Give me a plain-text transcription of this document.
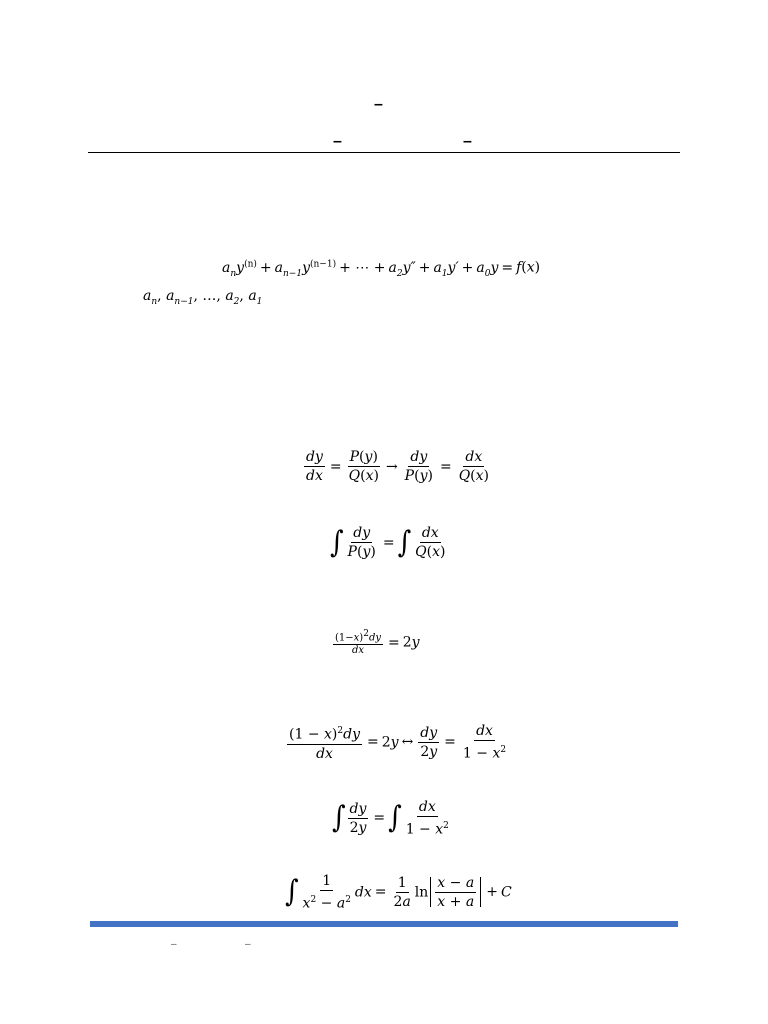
–
–	–
$a_ny^{(n)} + a_{n-1}y^{(n-1)}$ + ⋯ + $a_2y'' + a_1y' + a_0y = f(x)$
$a_n$, $a_{n-1}$, …, $a_2$, $a_1$
$\frac{dy}{dx} = \frac{P(y)}{Q(x)} \to \frac{dy}{P(y)} = \frac{dx}{Q(x)}$
∫ $\frac{dy}{P(y)}$ = ∫ $\frac{dx}{Q(x)}$
$\frac{(1-x)^2dy}{dx} = 2y$
$\frac{(1 - x)^2dy}{dx} = 2y$ ↔ $\frac{dy}{2y} = \frac{dx}{1 - x^2}$
∫ $\frac{dy}{2y}$ = ∫ $\frac{dx}{1 - x^2}$
∫ $\frac{1}{x^2 - a^2}$ dx = $\frac{1}{2a}$ $\ln \frac{x - a}{x + a} + C$
–	–
